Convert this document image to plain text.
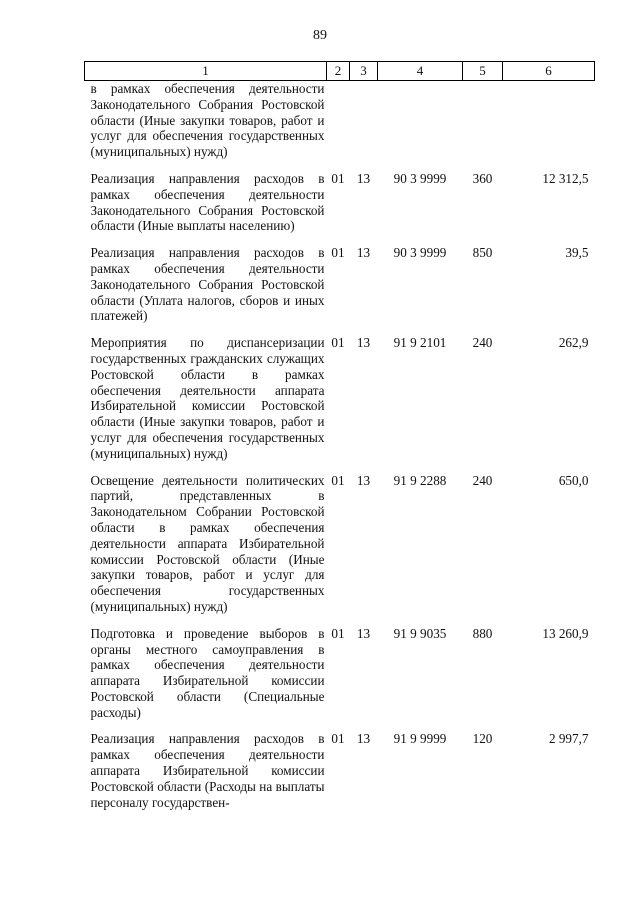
89
1	2	3	4	5	6
в рамках обеспечения деятельности Законодательного Собрания Ростовской области (Иные закупки товаров, работ и услуг для обеспечения государственных (муниципальных) нужд)					
Реализация направления расходов в рамках обеспечения деятельности Законодательного Собрания Ростовской области (Иные выплаты населению)	01	13	90 3 9999	360	12 312,5
Реализация направления расходов в рамках обеспечения деятельности Законодательного Собрания Ростовской области (Уплата налогов, сборов и иных платежей)	01	13	90 3 9999	850	39,5
Мероприятия по диспансеризации государственных гражданских служащих Ростовской области в рамках обеспечения деятельности аппарата Избирательной комиссии Ростовской области (Иные закупки товаров, работ и услуг для обеспечения государственных (муниципальных) нужд)	01	13	91 9 2101	240	262,9
Освещение деятельности политических партий, представленных в Законодательном Собрании Ростовской области в рамках обеспечения деятельности аппарата Избирательной комиссии Ростовской области (Иные закупки товаров, работ и услуг для обеспечения государственных (муниципальных) нужд)	01	13	91 9 2288	240	650,0
Подготовка и проведение выборов в органы местного самоуправления в рамках обеспечения деятельности аппарата Избирательной комиссии Ростовской области (Специальные расходы)	01	13	91 9 9035	880	13 260,9
Реализация направления расходов в рамках обеспечения деятельности аппарата Избирательной комиссии Ростовской области (Расходы на выплаты персоналу государствен-	01	13	91 9 9999	120	2 997,7
